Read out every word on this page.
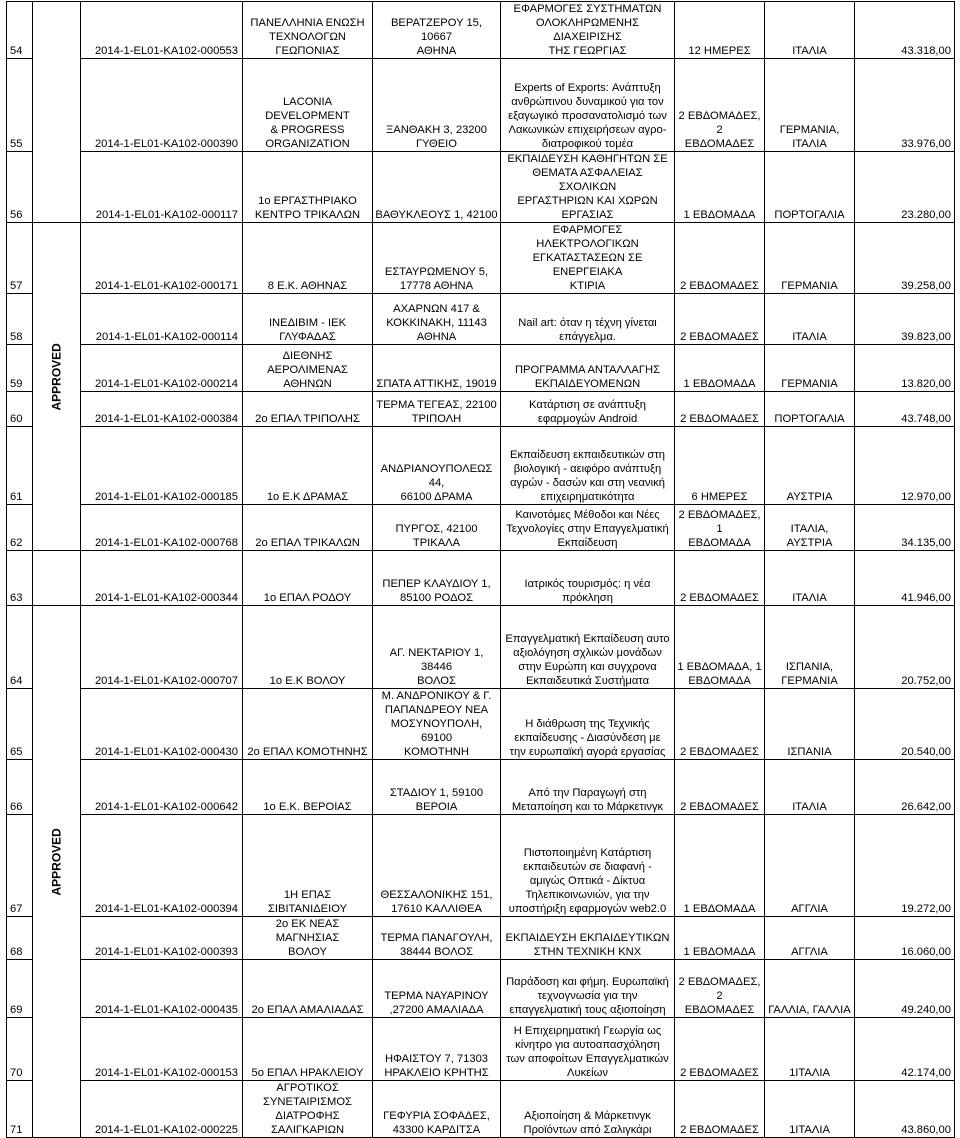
54		2014-1-EL01-KA102-000553	ΠΑΝΕΛΛΗΝΙΑ ΕΝΩΣΗ
ΤΕΧΝΟΛΟΓΩΝ
ΓΕΩΠΟΝΙΑΣ	ΒΕΡΑΤΖΕΡΟΥ 15, 10667
ΑΘΗΝΑ	ΕΦΑΡΜΟΓΕΣ ΣΥΣΤΗΜΑΤΩΝ
ΟΛΟΚΛΗΡΩΜΕΝΗΣ ΔΙΑΧΕΙΡΙΣΗΣ
ΤΗΣ ΓΕΩΡΓΙΑΣ	12 ΗΜΕΡΕΣ	ΙΤΑΛΙΑ	43.318,00
55		2014-1-EL01-KA102-000390	LACONIA DEVELOPMENT
& PROGRESS
ORGANIZATION	ΞΑΝΘΑΚΗ 3, 23200
ΓΥΘΕΙΟ	Experts of Exports: Ανάπτυξη
ανθρώπινου δυναμικού για τον
εξαγωγικό προσανατολισμό των
Λακωνικών επιχειρήσεων αγρο-
διατροφικού τομέα	2 ΕΒΔΟΜΑΔΕΣ, 2
ΕΒΔΟΜΑΔΕΣ	ΓΕΡΜΑΝΙΑ,
ΙΤΑΛΙΑ	33.976,00
56		2014-1-EL01-KA102-000117	1ο ΕΡΓΑΣΤΗΡΙΑΚΟ
ΚΕΝΤΡΟ ΤΡΙΚΑΛΩΝ	ΒΑΘΥΚΛΕΟΥΣ 1, 42100	ΕΚΠΑΙΔΕΥΣΗ ΚΑΘΗΓΗΤΩΝ ΣΕ
ΘΕΜΑΤΑ ΑΣΦΑΛΕΙΑΣ ΣΧΟΛΙΚΩΝ
ΕΡΓΑΣΤΗΡΙΩΝ ΚΑΙ ΧΩΡΩΝ
ΕΡΓΑΣΙΑΣ	1 ΕΒΔΟΜΑΔΑ	ΠΟΡΤΟΓΑΛΙΑ	23.280,00
57	APPROVED	2014-1-EL01-KA102-000171	8 Ε.Κ. ΑΘΗΝΑΣ	ΕΣΤΑΥΡΩΜΕΝΟΥ 5,
17778 ΑΘΗΝΑ	ΕΦΑΡΜΟΓΕΣ ΗΛΕΚΤΡΟΛΟΓΙΚΩΝ
ΕΓΚΑΤΑΣΤΑΣΕΩΝ ΣΕ ΕΝΕΡΓΕΙΑΚΑ
ΚΤΙΡΙΑ	2 ΕΒΔΟΜΑΔΕΣ	ΓΕΡΜΑΝΙΑ	39.258,00
58		2014-1-EL01-KA102-000114	ΙΝΕΔΙΒΙΜ - ΙΕΚ ΓΛΥΦΑΔΑΣ	ΑΧΑΡΝΩΝ 417 &
ΚΟΚΚΙΝΑΚΗ, 11143
ΑΘΗΝΑ	Nail art: όταν η τέχνη γίνεται
επάγγελμα.	2 ΕΒΔΟΜΑΔΕΣ	ΙΤΑΛΙΑ	39.823,00
59		2014-1-EL01-KA102-000214	ΔΙΕΘΝΗΣ ΑΕΡΟΛΙΜΕΝΑΣ
ΑΘΗΝΩΝ	ΣΠΑΤΑ ΑΤΤΙΚΗΣ, 19019	ΠΡΟΓΡΑΜΜΑ ΑΝΤΑΛΛΑΓΗΣ
ΕΚΠΑΙΔΕΥΟΜΕΝΩΝ	1 ΕΒΔΟΜΑΔΑ	ΓΕΡΜΑΝΙΑ	13.820,00
60		2014-1-EL01-KA102-000384	2ο ΕΠΑΛ ΤΡΙΠΟΛΗΣ	ΤΕΡΜΑ ΤΕΓΕΑΣ, 22100
ΤΡΙΠΟΛΗ	Κατάρτιση σε ανάπτυξη
εφαρμογών Android	2 ΕΒΔΟΜΑΔΕΣ	ΠΟΡΤΟΓΑΛΙΑ	43.748,00
61		2014-1-EL01-KA102-000185	1ο Ε.Κ ΔΡΑΜΑΣ	ΑΝΔΡΙΑΝΟΥΠΟΛΕΩΣ 44,
66100 ΔΡΑΜΑ	Εκπαίδευση εκπαιδευτικών στη
βιολογική - αειφόρο ανάπτυξη
αγρών - δασών και στη νεανική
επιχειρηματικότητα	6 ΗΜΕΡΕΣ	ΑΥΣΤΡΙΑ	12.970,00
62		2014-1-EL01-KA102-000768	2ο ΕΠΑΛ ΤΡΙΚΑΛΩΝ	ΠΥΡΓΟΣ, 42100 ΤΡΙΚΑΛΑ	Καινοτόμες Μέθοδοι και Νέες
Τεχνολογίες στην Επαγγελματική
Εκπαίδευση	2 ΕΒΔΟΜΑΔΕΣ, 1
ΕΒΔΟΜΑΔΑ	ΙΤΑΛΙΑ,
ΑΥΣΤΡΙΑ	34.135,00
63		2014-1-EL01-KA102-000344	1ο ΕΠΑΛ ΡΟΔΟΥ	ΠΕΠΕΡ ΚΛΑΥΔΙΟΥ 1,
85100 ΡΟΔΟΣ	Ιατρικός τουρισμός: η νέα
πρόκληση	2 ΕΒΔΟΜΑΔΕΣ	ΙΤΑΛΙΑ	41.946,00
64	APPROVED	2014-1-EL01-KA102-000707	1ο Ε.Κ ΒΟΛΟΥ	ΑΓ. ΝΕΚΤΑΡΙΟΥ 1, 38446
ΒΟΛΟΣ	Επαγγελματική Εκπαίδευση αυτο
αξιολόγηση σχλικών μονάδων
στην Ευρώπη και συγχρονα
Εκπαιδευτικά Συστήματα	1 ΕΒΔΟΜΑΔΑ, 1
ΕΒΔΟΜΑΔΑ	ΙΣΠΑΝΙΑ,
ΓΕΡΜΑΝΙΑ	20.752,00
65		2014-1-EL01-KA102-000430	2ο ΕΠΑΛ ΚΟΜΟΤΗΝΗΣ	Μ. ΑΝΔΡΟΝΙΚΟΥ & Γ.
ΠΑΠΑΝΔΡΕΟΥ ΝΕΑ
ΜΟΣΥΝΟΥΠΟΛΗ, 69100
ΚΟΜΟΤΗΝΗ	Η διάθρωση της Τεχνικής
εκπαίδευσης - Διασύνδεση με
την ευρωπαϊκή αγορά εργασίας	2 ΕΒΔΟΜΑΔΕΣ	ΙΣΠΑΝΙΑ	20.540,00
66		2014-1-EL01-KA102-000642	1ο Ε.Κ. ΒΕΡΟΙΑΣ	ΣΤΑΔΙΟΥ 1, 59100
ΒΕΡΟΙΑ	Από την Παραγωγή στη
Μεταποίηση και το Μάρκετινγκ	2 ΕΒΔΟΜΑΔΕΣ	ΙΤΑΛΙΑ	26.642,00
67		2014-1-EL01-KA102-000394	1Η ΕΠΑΣ ΣΙΒΙΤΑΝΙΔΕΙΟΥ	ΘΕΣΣΑΛΟΝΙΚΗΣ 151,
17610 ΚΑΛΛΙΘΕΑ	Πιστοποιημένη Κατάρτιση
εκπαιδευτών σε διαφανή -
αμιγώς Οπτικά - Δίκτυα
Τηλεπικοινωνιών, για την
υποστήριξη εφαρμογών web2.0	1 ΕΒΔΟΜΑΔΑ	ΑΓΓΛΙΑ	19.272,00
68		2014-1-EL01-KA102-000393	2ο ΕΚ ΝΕΑΣ ΜΑΓΝΗΣΙΑΣ
ΒΟΛΟΥ	ΤΕΡΜΑ ΠΑΝΑΓΟΥΛΗ,
38444 ΒΟΛΟΣ	ΕΚΠΑΙΔΕΥΣΗ ΕΚΠΑΙΔΕΥΤΙΚΩΝ
ΣΤΗΝ ΤΕΧΝΙΚΗ ΚΝΧ	1 ΕΒΔΟΜΑΔΑ	ΑΓΓΛΙΑ	16.060,00
69		2014-1-EL01-KA102-000435	2ο ΕΠΑΛ ΑΜΑΛΙΑΔΑΣ	ΤΕΡΜΑ ΝΑΥΑΡΙΝΟΥ
,27200 ΑΜΑΛΙΑΔΑ	Παράδοση και φήμη. Ευρωπαϊκή
τεχνογνωσία για την
επαγγελματική τους αξιοποίηση	2 ΕΒΔΟΜΑΔΕΣ, 2
ΕΒΔΟΜΑΔΕΣ	ΓΑΛΛΙΑ, ΓΑΛΛΙΑ	49.240,00
70		2014-1-EL01-KA102-000153	5ο ΕΠΑΛ ΗΡΑΚΛΕΙΟΥ	ΗΦΑΙΣΤΟΥ 7, 71303
ΗΡΑΚΛΕΙΟ ΚΡΗΤΗΣ	Η Επιχειρηματική Γεωργία ως
κίνητρο για αυτοαπασχόληση
των αποφοίτων Επαγγελματικών
Λυκείων	2 ΕΒΔΟΜΑΔΕΣ	1ΙΤΑΛΙΑ	42.174,00
71		2014-1-EL01-KA102-000225	ΑΓΡΟΤΙΚΟΣ
ΣΥΝΕΤΑΙΡΙΣΜΟΣ
ΔΙΑΤΡΟΦΗΣ
ΣΑΛΙΓΚΑΡΙΩΝ	ΓΕΦΥΡΙΑ ΣΟΦΑΔΕΣ,
43300 ΚΑΡΔΙΤΣΑ	Αξιοποίηση & Μάρκετινγκ
Προϊόντων από Σαλιγκάρι	2 ΕΒΔΟΜΑΔΕΣ	1ΙΤΑΛΙΑ	43.860,00
